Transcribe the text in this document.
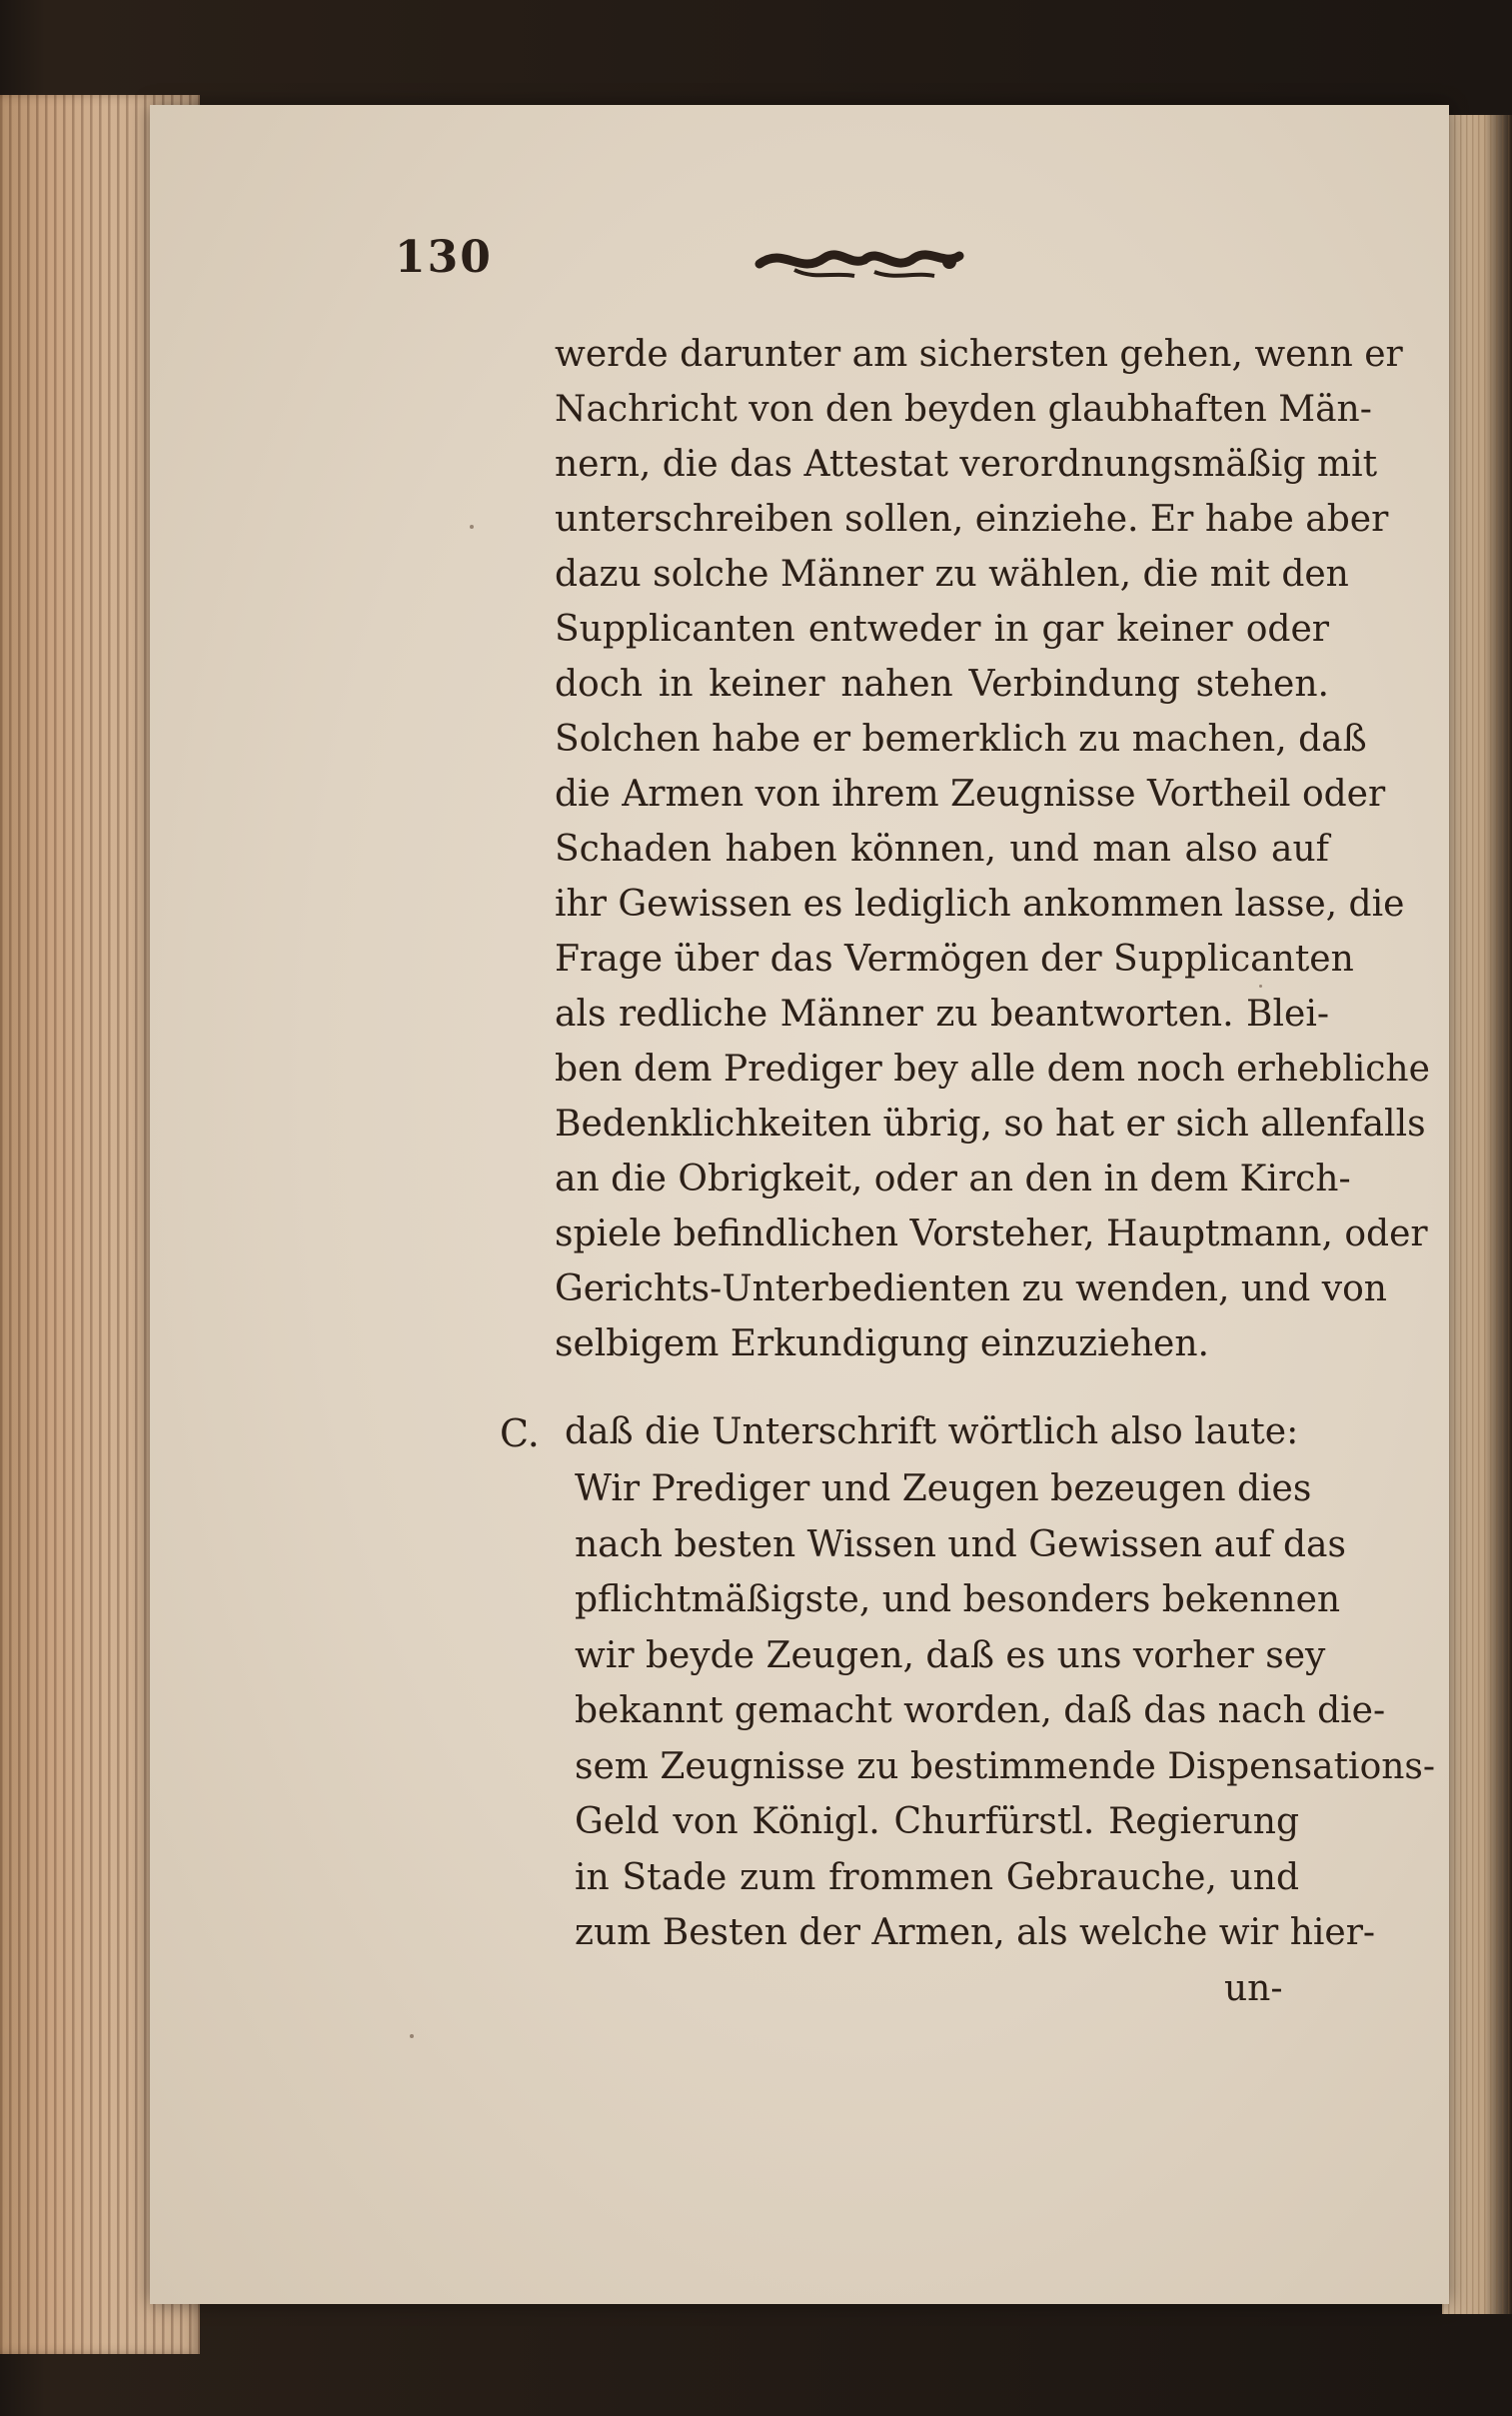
130
werde darunter am sichersten gehen, wenn er
Nachricht von den beyden glaubhaften Män-
nern, die das Attestat verordnungsmäßig mit
unterschreiben sollen, einziehe. Er habe aber
dazu solche Männer zu wählen, die mit den
Supplicanten entweder in gar keiner oder
doch in keiner nahen Verbindung stehen.
Solchen habe er bemerklich zu machen, daß
die Armen von ihrem Zeugnisse Vortheil oder
Schaden haben können, und man also auf
ihr Gewissen es lediglich ankommen lasse, die
Frage über das Vermögen der Supplicanten
als redliche Männer zu beantworten. Blei-
ben dem Prediger bey alle dem noch erhebliche
Bedenklichkeiten übrig, so hat er sich allenfalls
an die Obrigkeit, oder an den in dem Kirch-
spiele befindlichen Vorsteher, Hauptmann, oder
Gerichts-Unterbedienten zu wenden, und von
selbigem Erkundigung einzuziehen.
C. daß die Unterschrift wörtlich also laute:
Wir Prediger und Zeugen bezeugen dies
nach besten Wissen und Gewissen auf das
pflichtmäßigste, und besonders bekennen
wir beyde Zeugen, daß es uns vorher sey
bekannt gemacht worden, daß das nach die-
sem Zeugnisse zu bestimmende Dispensations-
Geld von Königl. Churfürstl. Regierung
in Stade zum frommen Gebrauche, und
zum Besten der Armen, als welche wir hier-
un-
